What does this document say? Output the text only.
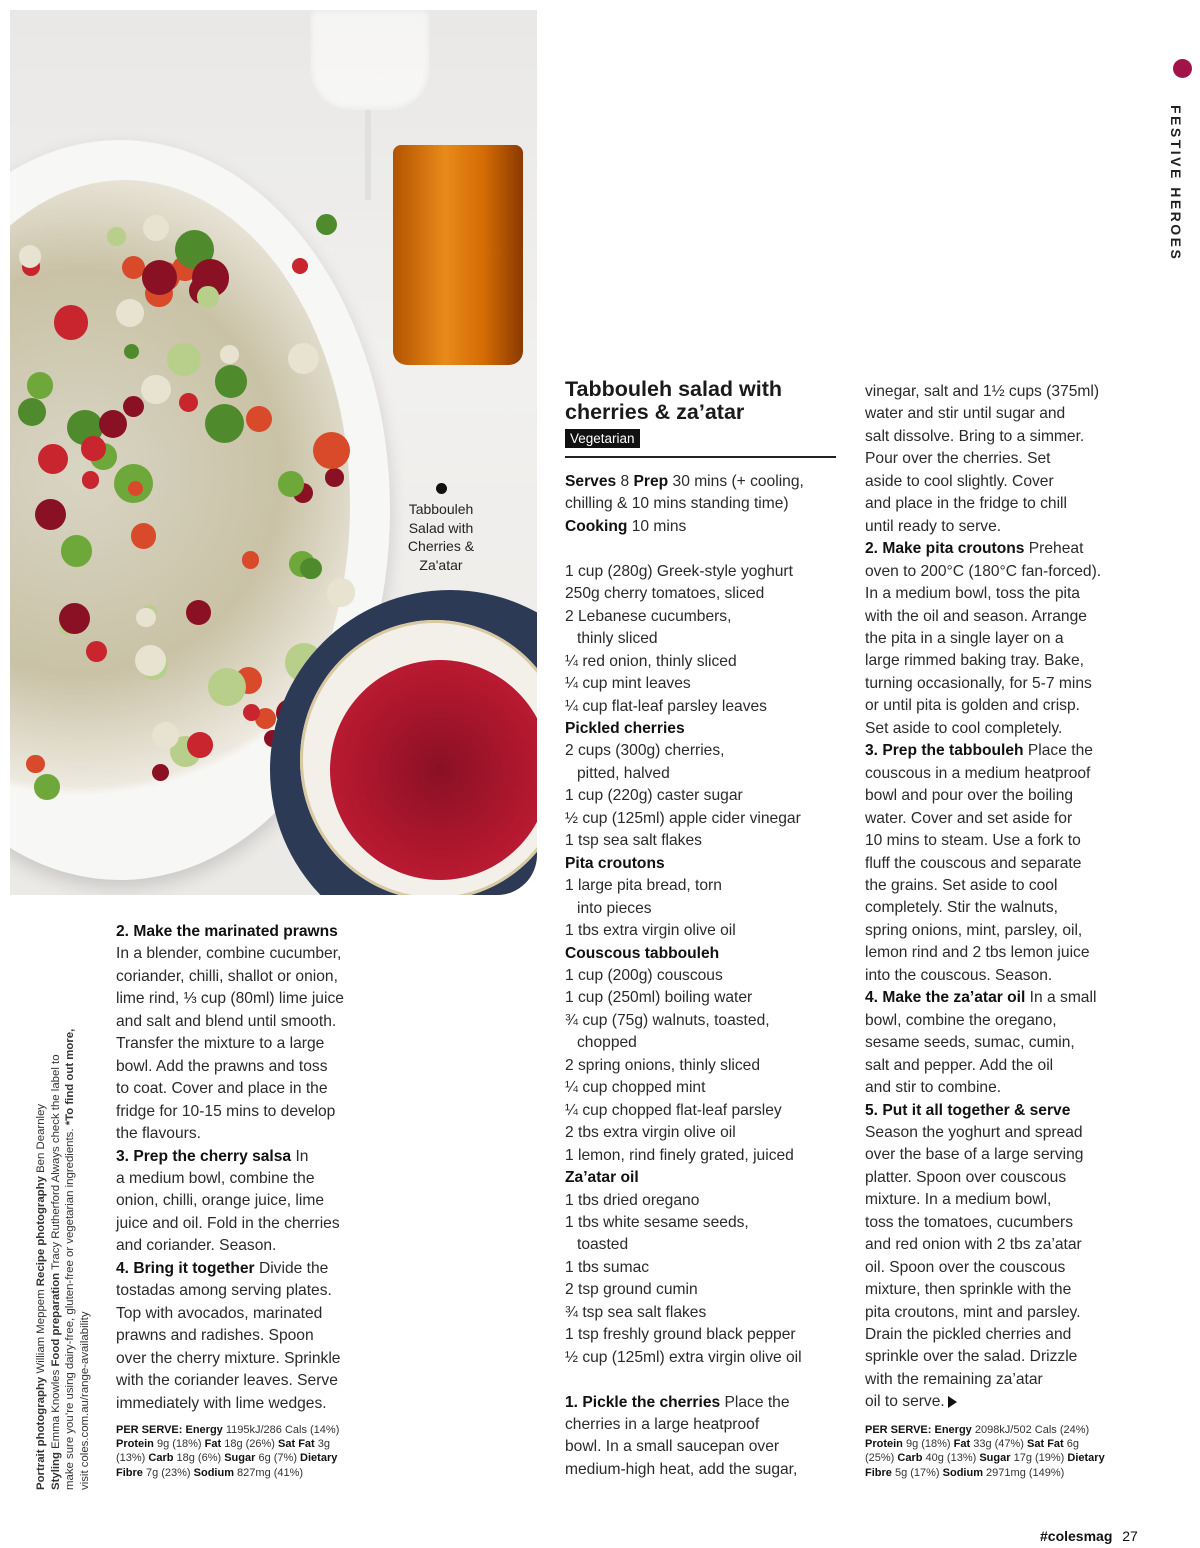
Tabbouleh
Salad with
Cherries &
Za'atar
FESTIVE HEROES
Tabbouleh salad with
cherries & za’atar
Vegetarian
2. Make the marinated prawns
In a blender, combine cucumber,
coriander, chilli, shallot or onion,
lime rind, ⅓ cup (80ml) lime juice
and salt and blend until smooth.
Transfer the mixture to a large
bowl. Add the prawns and toss
to coat. Cover and place in the
fridge for 10-15 mins to develop
the flavours.
3. Prep the cherry salsa In
a medium bowl, combine the
onion, chilli, orange juice, lime
juice and oil. Fold in the cherries
and coriander. Season.
4. Bring it together Divide the
tostadas among serving plates.
Top with avocados, marinated
prawns and radishes. Spoon
over the cherry mixture. Sprinkle
with the coriander leaves. Serve
immediately with lime wedges.
PER SERVE: Energy 1195kJ/286 Cals (14%)
Protein 9g (18%) Fat 18g (26%) Sat Fat 3g
(13%) Carb 18g (6%) Sugar 6g (7%) Dietary
Fibre 7g (23%) Sodium 827mg (41%)
Serves 8 Prep 30 mins (+ cooling,
chilling & 10 mins standing time)
Cooking 10 mins

1 cup (280g) Greek-style yoghurt
250g cherry tomatoes, sliced
2 Lebanese cucumbers,
thinly sliced
¼ red onion, thinly sliced
¼ cup mint leaves
¼ cup flat-leaf parsley leaves
Pickled cherries
2 cups (300g) cherries,
pitted, halved
1 cup (220g) caster sugar
½ cup (125ml) apple cider vinegar
1 tsp sea salt flakes
Pita croutons
1 large pita bread, torn
into pieces
1 tbs extra virgin olive oil
Couscous tabbouleh
1 cup (200g) couscous
1 cup (250ml) boiling water
¾ cup (75g) walnuts, toasted,
chopped
2 spring onions, thinly sliced
¼ cup chopped mint
¼ cup chopped flat-leaf parsley
2 tbs extra virgin olive oil
1 lemon, rind finely grated, juiced
Za’atar oil
1 tbs dried oregano
1 tbs white sesame seeds,
toasted
1 tbs sumac
2 tsp ground cumin
¾ tsp sea salt flakes
1 tsp freshly ground black pepper
½ cup (125ml) extra virgin olive oil

1. Pickle the cherries Place the
cherries in a large heatproof
bowl. In a small saucepan over
medium-high heat, add the sugar,
vinegar, salt and 1½ cups (375ml)
water and stir until sugar and
salt dissolve. Bring to a simmer.
Pour over the cherries. Set
aside to cool slightly. Cover
and place in the fridge to chill
until ready to serve.
2. Make pita croutons Preheat
oven to 200°C (180°C fan-forced).
In a medium bowl, toss the pita
with the oil and season. Arrange
the pita in a single layer on a
large rimmed baking tray. Bake,
turning occasionally, for 5-7 mins
or until pita is golden and crisp.
Set aside to cool completely.
3. Prep the tabbouleh Place the
couscous in a medium heatproof
bowl and pour over the boiling
water. Cover and set aside for
10 mins to steam. Use a fork to
fluff the couscous and separate
the grains. Set aside to cool
completely. Stir the walnuts,
spring onions, mint, parsley, oil,
lemon rind and 2 tbs lemon juice
into the couscous. Season.
4. Make the za’atar oil In a small
bowl, combine the oregano,
sesame seeds, sumac, cumin,
salt and pepper. Add the oil
and stir to combine.
5. Put it all together & serve
Season the yoghurt and spread
over the base of a large serving
platter. Spoon over couscous
mixture. In a medium bowl,
toss the tomatoes, cucumbers
and red onion with 2 tbs za’atar
oil. Spoon over the couscous
mixture, then sprinkle with the
pita croutons, mint and parsley.
Drain the pickled cherries and
sprinkle over the salad. Drizzle
with the remaining za’atar
oil to serve.
PER SERVE: Energy 2098kJ/502 Cals (24%)
Protein 9g (18%) Fat 33g (47%) Sat Fat 6g
(25%) Carb 40g (13%) Sugar 17g (19%) Dietary
Fibre 5g (17%) Sodium 2971mg (149%)
Portrait photography William Meppem Recipe photography Ben Dearnley
Styling Emma Knowles Food preparation Tracy Rutherford Always check the label to make sure you’re using dairy-free, gluten-free or vegetarian ingredients. *To find out more,
visit coles.com.au/range-availability
#colesmag 27
